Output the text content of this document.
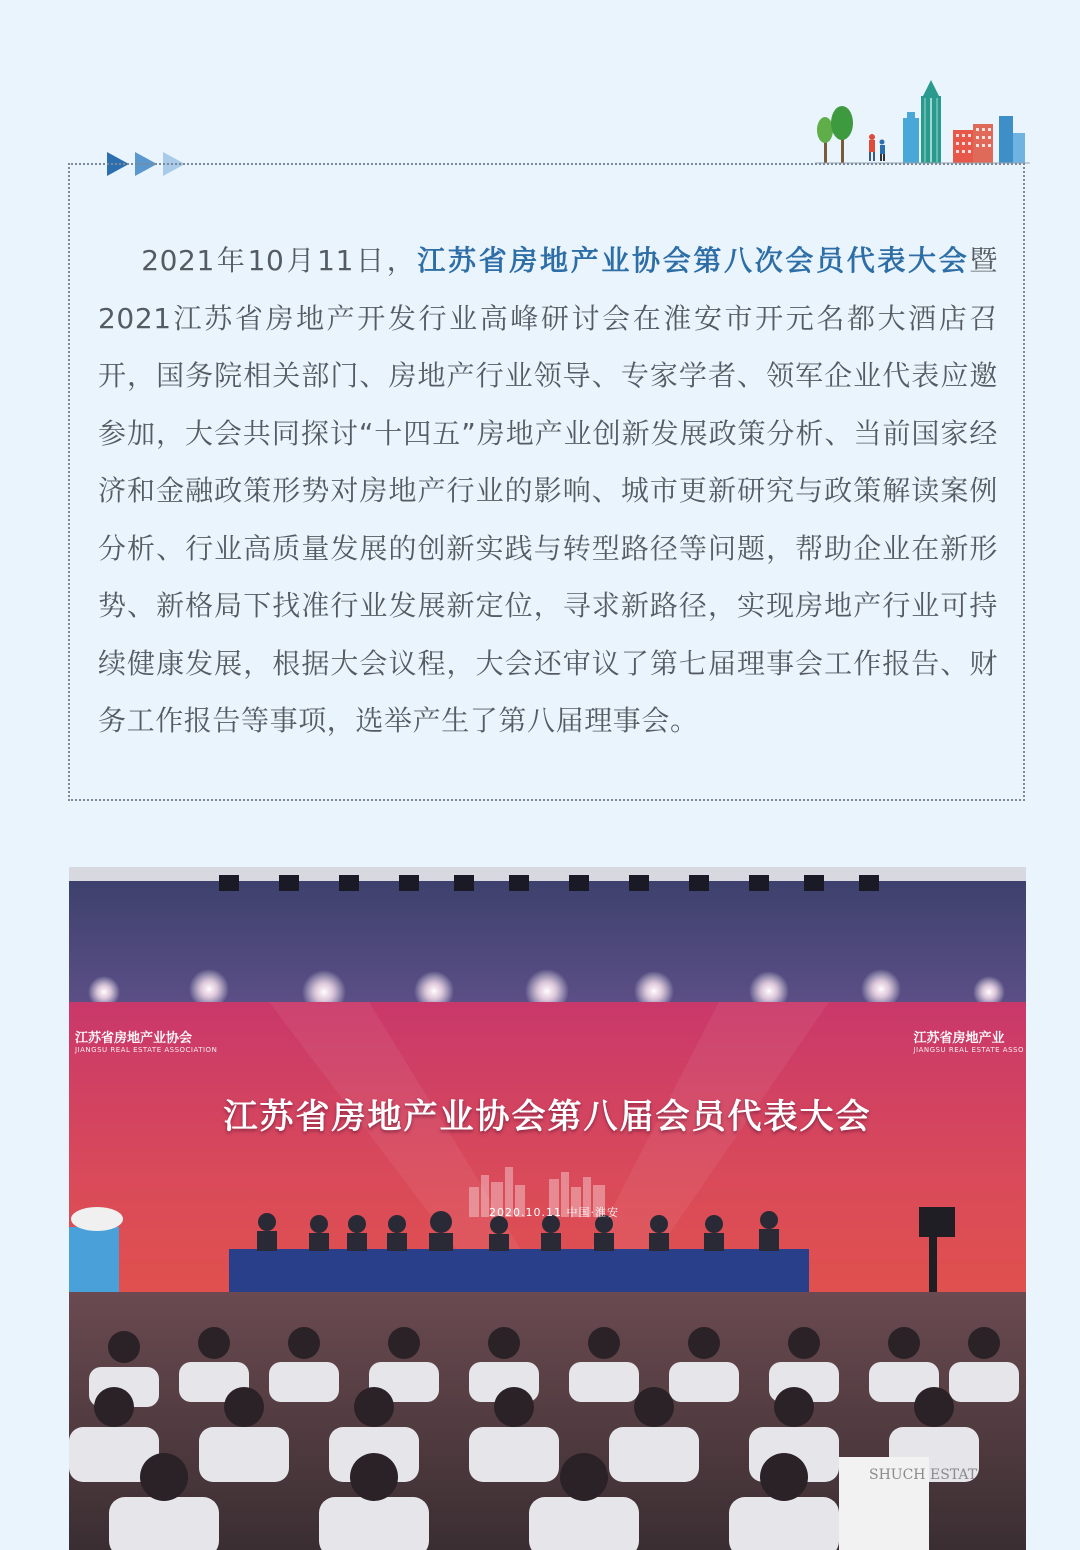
  2021年10月11日，江苏省房地产业协会第八次会员代表大会暨2021江苏省房地产开发行业高峰研讨会在淮安市开元名都大酒店召开，国务院相关部门、房地产行业领导、专家学者、领军企业代表应邀参加，大会共同探讨“十四五”房地产业创新发展政策分析、当前国家经济和金融政策形势对房地产行业的影响、城市更新研究与政策解读案例分析、行业高质量发展的创新实践与转型路径等问题，帮助企业在新形势、新格局下找准行业发展新定位，寻求新路径，实现房地产行业可持续健康发展，根据大会议程，大会还审议了第七届理事会工作报告、财务工作报告等事项，选举产生了第八届理事会。

江苏省房地产业协会
JIANGSU REAL ESTATE ASSOCIATION
江苏省房地产业
JIANGSU REAL ESTATE ASSO
江苏省房地产业协会第八届会员代表大会
2020.10.11 中国·淮安
SHUCH ESTAT
